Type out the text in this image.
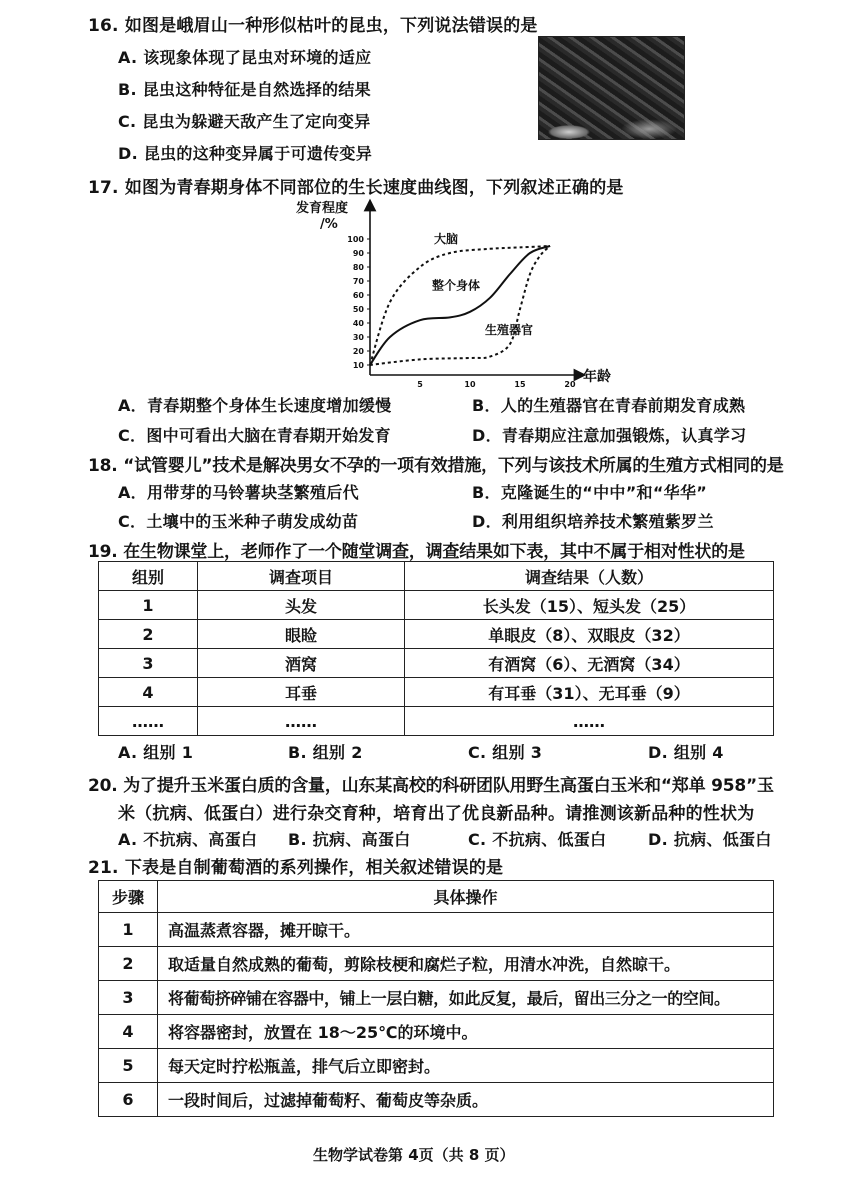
16. 如图是峨眉山一种形似枯叶的昆虫，下列说法错误的是
A. 该现象体现了昆虫对环境的适应
B. 昆虫这种特征是自然选择的结果
C. 昆虫为躲避天敌产生了定向变异
D. 昆虫的这种变异属于可遗传变异
17. 如图为青春期身体不同部位的生长速度曲线图，下列叙述正确的是
发育程度
/%
年龄
10
20
30
40
50
60
70
80
90
100
5	10	15	20
大脑
整个身体
生殖器官
A．青春期整个身体生长速度增加缓慢	B．人的生殖器官在青春前期发育成熟
C．图中可看出大脑在青春期开始发育	D．青春期应注意加强锻炼，认真学习
18. “试管婴儿”技术是解决男女不孕的一项有效措施，下列与该技术所属的生殖方式相同的是
A．用带芽的马铃薯块茎繁殖后代	B．克隆诞生的“中中”和“华华”
C．土壤中的玉米种子萌发成幼苗	D．利用组织培养技术繁殖紫罗兰
19. 在生物课堂上，老师作了一个随堂调查，调查结果如下表，其中不属于相对性状的是
组别	调查项目	调查结果（人数）
1	头发	长头发（15）、短头发（25）
2	眼睑	单眼皮（8）、双眼皮（32）
3	酒窝	有酒窝（6）、无酒窝（34）
4	耳垂	有耳垂（31）、无耳垂（9）
……	……	……
A. 组别 1	B. 组别 2	C. 组别 3	D. 组别 4
20. 为了提升玉米蛋白质的含量，山东某高校的科研团队用野生高蛋白玉米和“郑单 958”玉
米（抗病、低蛋白）进行杂交育种，培育出了优良新品种。请推测该新品种的性状为
A. 不抗病、高蛋白 B. 抗病、高蛋白	C. 不抗病、低蛋白	D. 抗病、低蛋白
21. 下表是自制葡萄酒的系列操作，相关叙述错误的是
步骤	具体操作
1	高温蒸煮容器，摊开晾干。
2	取适量自然成熟的葡萄，剪除枝梗和腐烂子粒，用清水冲洗，自然晾干。
3	将葡萄挤碎铺在容器中，铺上一层白糖，如此反复，最后，留出三分之一的空间。
4	将容器密封，放置在 18～25℃的环境中。
5	每天定时拧松瓶盖，排气后立即密封。
6	一段时间后，过滤掉葡萄籽、葡萄皮等杂质。
生物学试卷第 4页（共 8 页）
